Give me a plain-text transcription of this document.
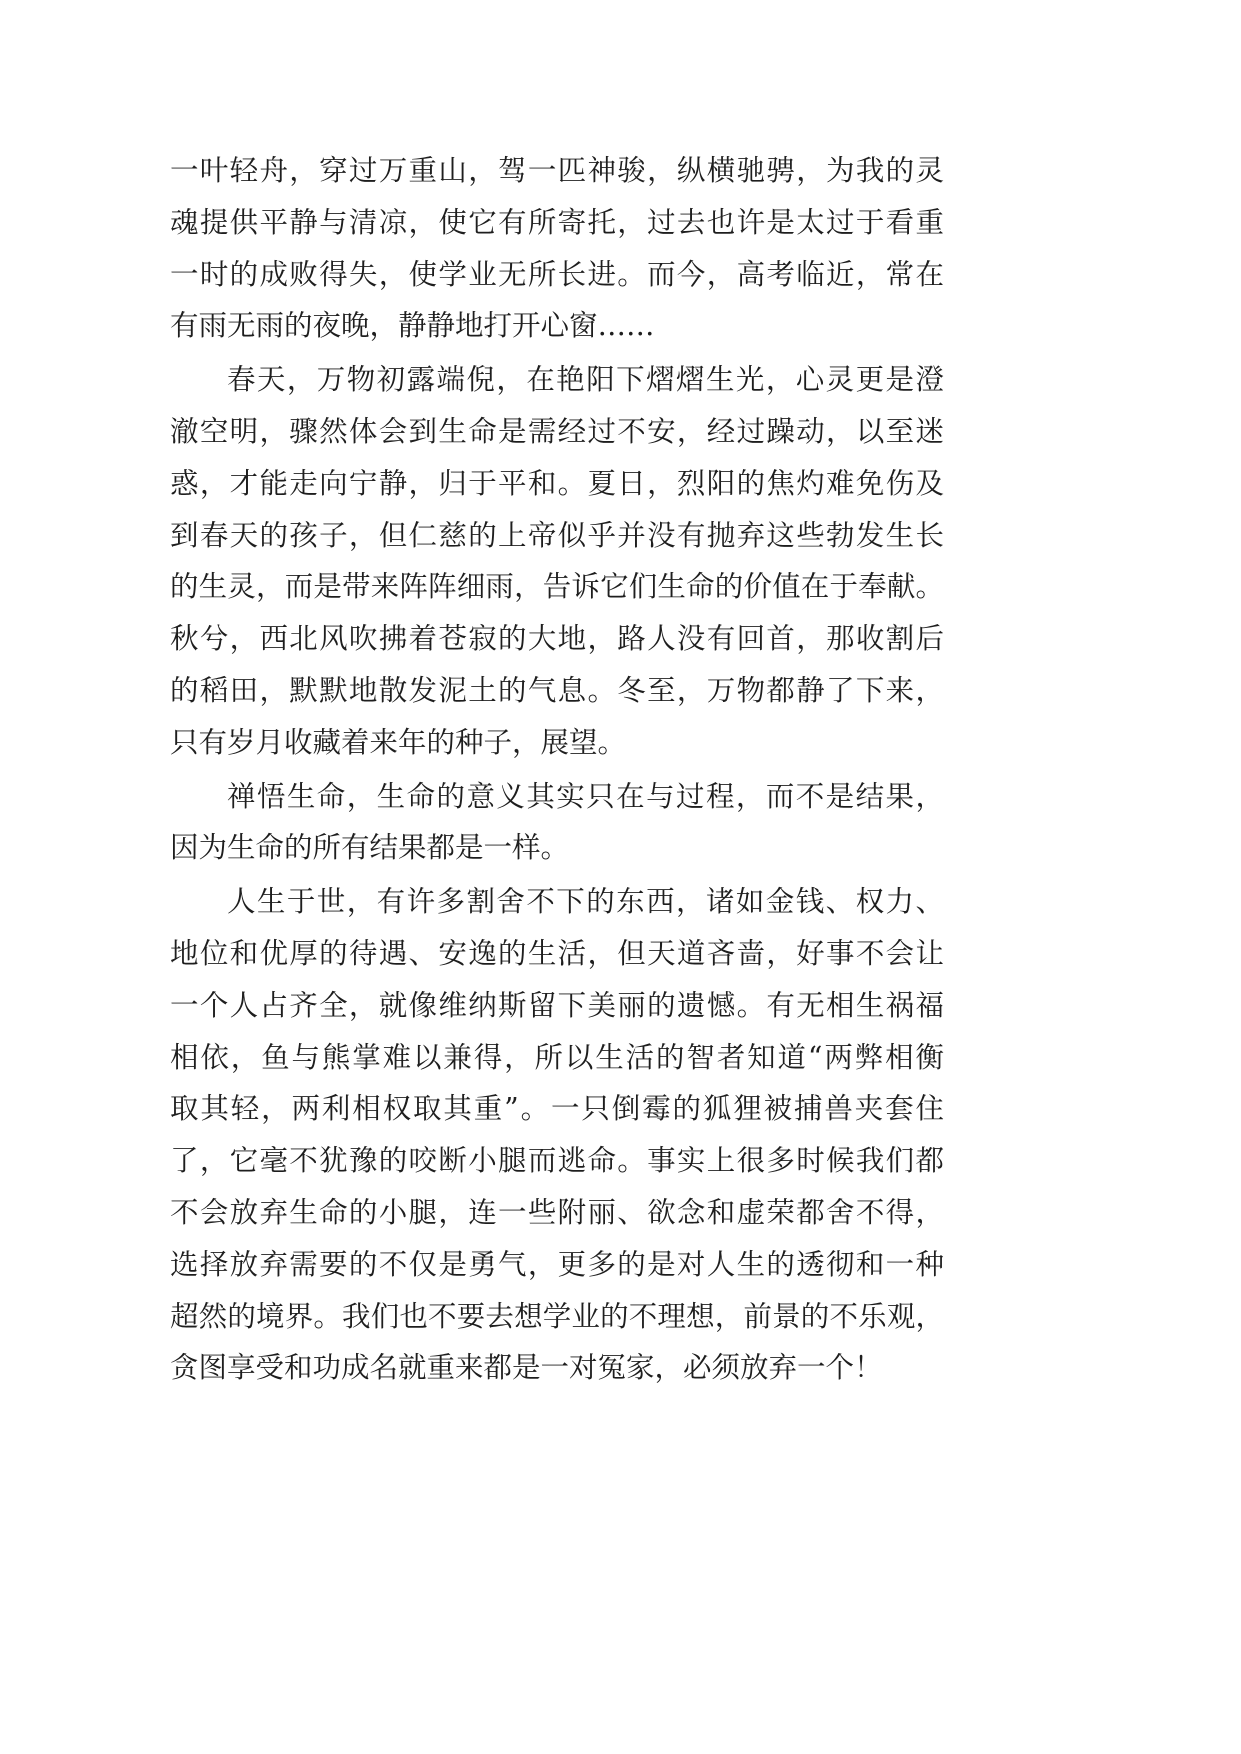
一叶轻舟，穿过万重山，驾一匹神骏，纵横驰骋，为我的灵
魂提供平静与清凉，使它有所寄托，过去也许是太过于看重
一时的成败得失，使学业无所长进。而今，高考临近，常在
有雨无雨的夜晚，静静地打开心窗……
春天，万物初露端倪，在艳阳下熠熠生光，心灵更是澄
澈空明，骤然体会到生命是需经过不安，经过躁动，以至迷
惑，才能走向宁静，归于平和。夏日，烈阳的焦灼难免伤及
到春天的孩子，但仁慈的上帝似乎并没有抛弃这些勃发生长
的生灵，而是带来阵阵细雨，告诉它们生命的价值在于奉献。
秋兮，西北风吹拂着苍寂的大地，路人没有回首，那收割后
的稻田，默默地散发泥土的气息。冬至，万物都静了下来，
只有岁月收藏着来年的种子，展望。
禅悟生命，生命的意义其实只在与过程，而不是结果，
因为生命的所有结果都是一样。
人生于世，有许多割舍不下的东西，诸如金钱、权力、
地位和优厚的待遇、安逸的生活，但天道吝啬，好事不会让
一个人占齐全，就像维纳斯留下美丽的遗憾。有无相生祸福
相依，鱼与熊掌难以兼得，所以生活的智者知道“两弊相衡
取其轻，两利相权取其重”。一只倒霉的狐狸被捕兽夹套住
了，它毫不犹豫的咬断小腿而逃命。事实上很多时候我们都
不会放弃生命的小腿，连一些附丽、欲念和虚荣都舍不得，
选择放弃需要的不仅是勇气，更多的是对人生的透彻和一种
超然的境界。我们也不要去想学业的不理想，前景的不乐观，
贪图享受和功成名就重来都是一对冤家，必须放弃一个！
